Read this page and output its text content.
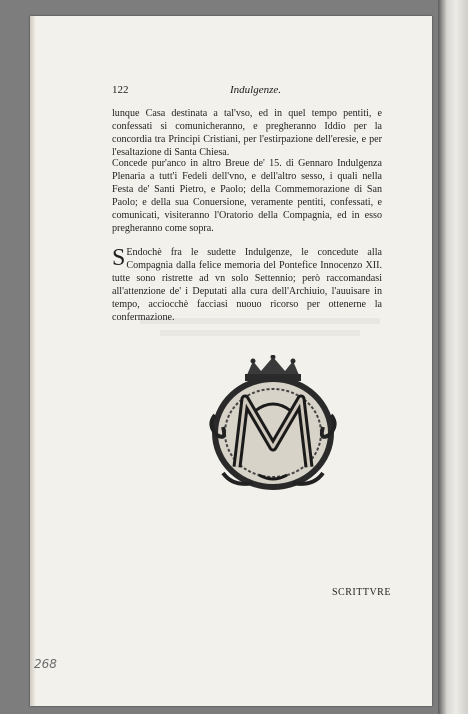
122	Indulgenze.
lunque Casa destinata a tal'vso, ed in quel tempo pentiti, e confessati si comunicheranno, e pregheranno Iddio per la concordia tra Principi Cristiani, per l'estirpazione dell'eresie, e per l'esaltazione di Santa Chiesa.
Concede pur'anco in altro Breue de' 15. di Gennaro Indulgenza Plenaria a tutt'i Fedeli dell'vno, e dell'altro sesso, i quali nella Festa de' Santi Pietro, e Paolo; della Commemorazione di San Paolo; e della sua Conuersione, veramente pentiti, confessati, e comunicati, visiteranno l'Oratorio della Compagnia, ed in esso pregheranno come sopra.
S Endochè fra le sudette Indulgenze, le concedute alla Compagnia dalla felice memoria del Pontefice Innocenzo XII. tutte sono ristrette ad vn solo Settennio; però raccomandasi all'attenzione de' i Deputati alla cura dell'Archiuio, l'auuisare in tempo, acciocchè facciasi nuouo ricorso per ottenerne la confermazione.
SCRITTVRE
268
